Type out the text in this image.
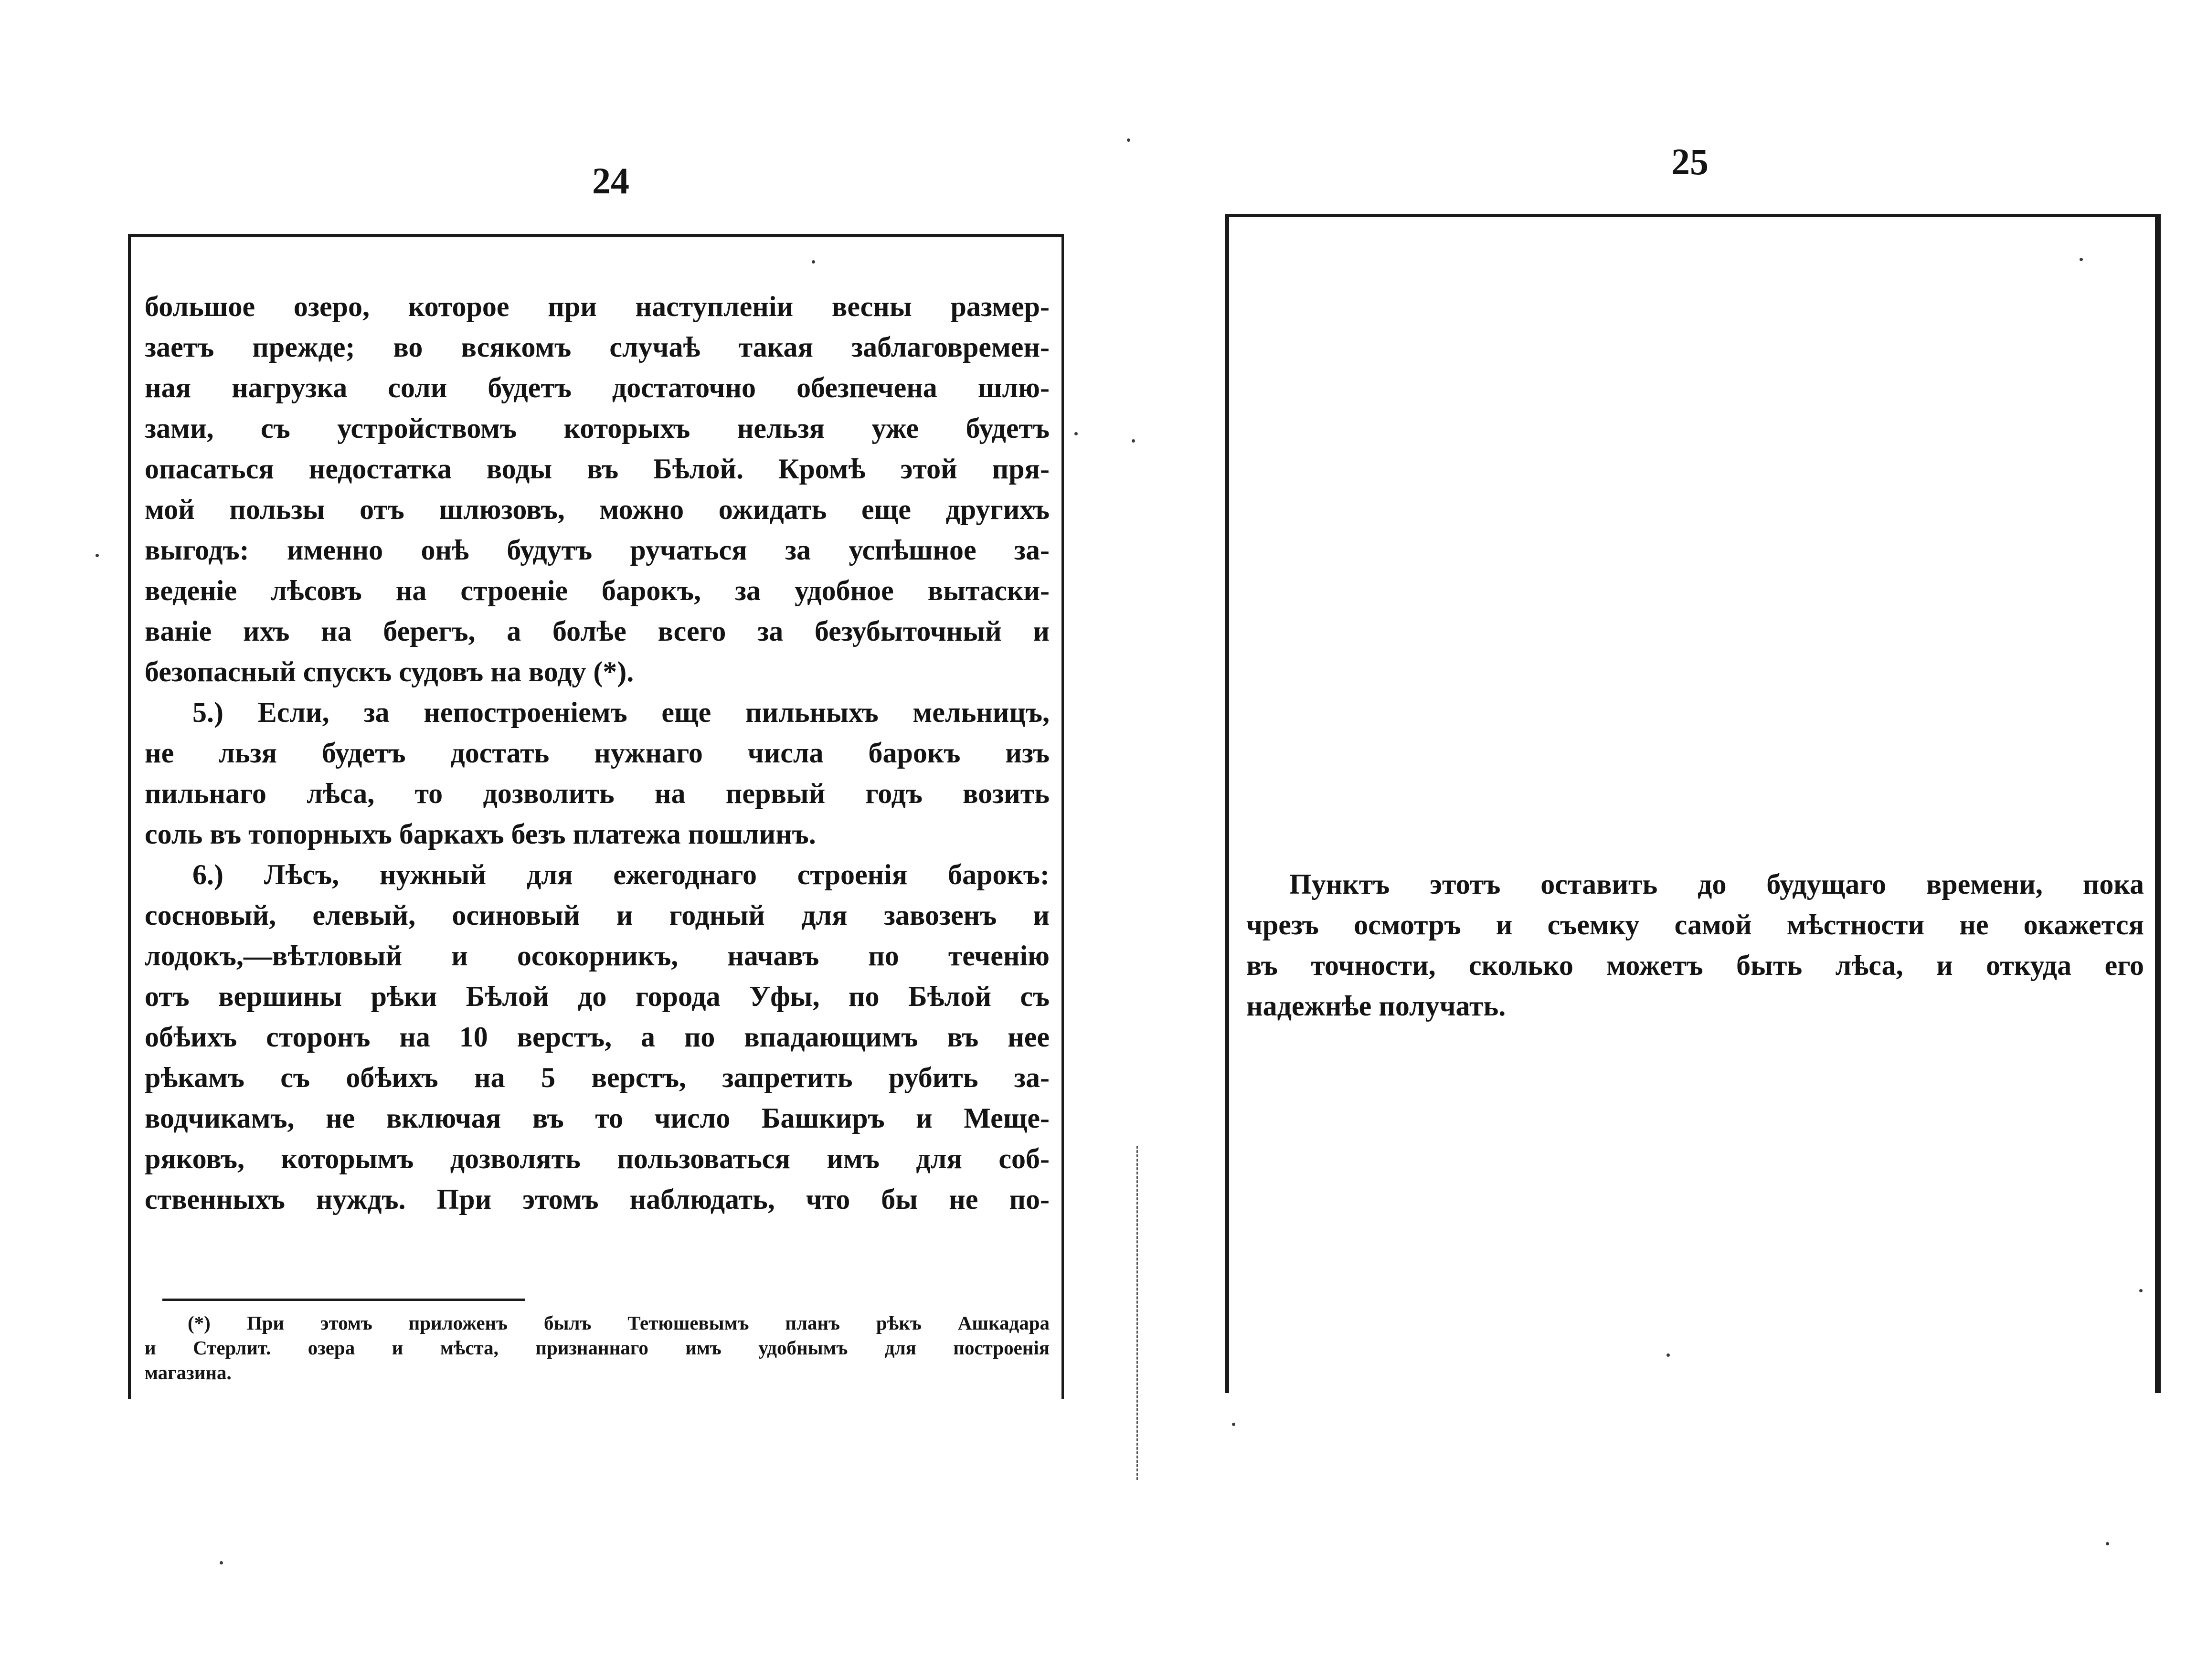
24	25

большое озеро, которое при наступленіи весны размер-

заетъ прежде; во всякомъ случаѣ такая заблаговремен-

ная нагрузка соли будетъ достаточно обезпечена шлю-

зами, съ устройствомъ которыхъ нельзя уже будетъ

опасаться недостатка воды въ Бѣлой. Кромѣ этой пря-

мой пользы отъ шлюзовъ, можно ожидать еще другихъ

выгодъ: именно онѣ будутъ ручаться за успѣшное за-

веденіе лѣсовъ на строеніе барокъ, за удобное вытаски-

ваніе ихъ на берегъ, а болѣе всего за безубыточный и

безопасный спускъ судовъ на воду (*).

5.) Если, за непостроеніемъ еще пильныхъ мельницъ,

не льзя будетъ достать нужнаго числа барокъ изъ

пильнаго лѣса, то дозволить на первый годъ возить

соль въ топорныхъ баркахъ безъ платежа пошлинъ.

6.) Лѣсъ, нужный для ежегоднаго строенія барокъ:

сосновый, елевый, осиновый и годный для завозенъ и

лодокъ,—вѣтловый и осокорникъ, начавъ по теченію

отъ вершины рѣки Бѣлой до города Уфы, по Бѣлой съ

обѣихъ сторонъ на 10 верстъ, а по впадающимъ въ нее

рѣкамъ съ обѣихъ на 5 верстъ, запретить рубить за-

водчикамъ, не включая въ то число Башкиръ и Меще-

ряковъ, которымъ дозволять пользоваться имъ для соб-

ственныхъ нуждъ. При этомъ наблюдать, что бы не по-

(*) При этомъ приложенъ былъ Тетюшевымъ планъ рѣкъ Ашкадара

и Стерлит. озера и мѣста, признаннаго имъ удобнымъ для построенія

магазина.

Пунктъ этотъ оставить до будущаго времени, пока

чрезъ осмотръ и съемку самой мѣстности не окажется

въ точности, сколько можетъ быть лѣса, и откуда его

надежнѣе получать.
